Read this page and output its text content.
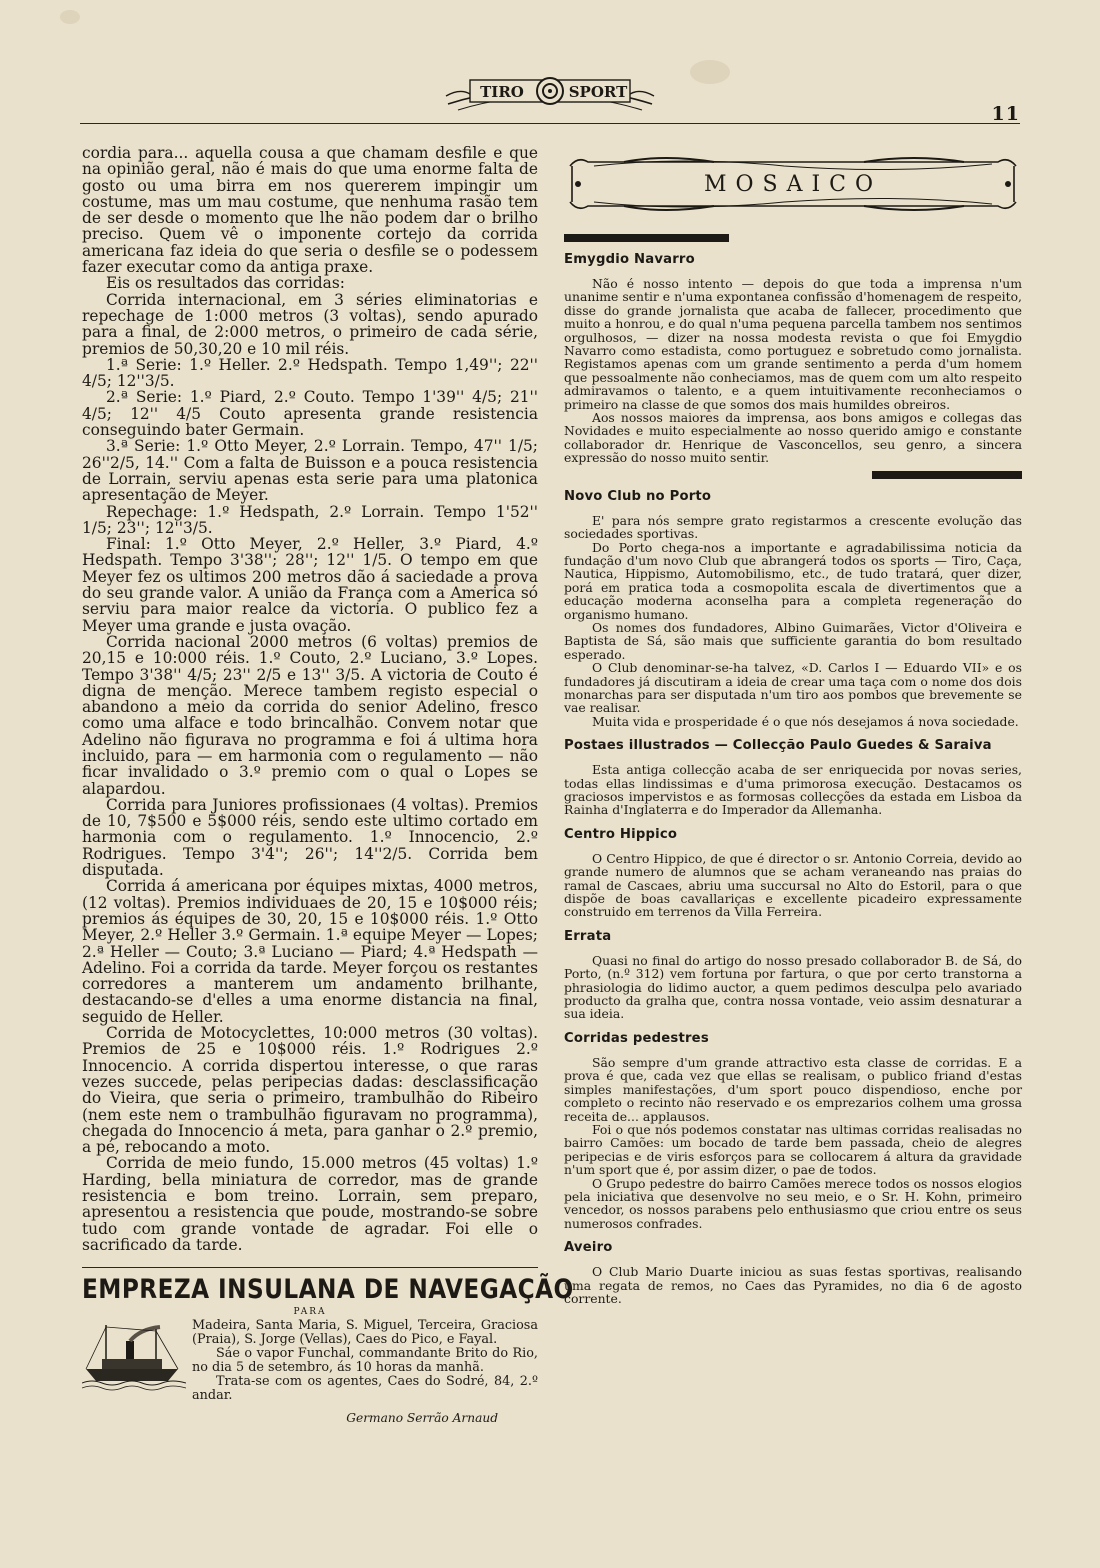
TIRO	SPORT
11

cordia para... aquella cousa a que chamam desfile e que na opinião geral, não é mais do que uma enorme falta de gosto ou uma birra em nos quererem impingir um costume, mas um mau costume, que nenhuma rasão tem de ser desde o momento que lhe não podem dar o brilho preciso. Quem vê o imponente cortejo da corrida americana faz ideia do que seria o desfile se o podessem fazer executar como da antiga praxe.

Eis os resultados das corridas:

Corrida internacional, em 3 séries eliminatorias e repechage de 1:000 metros (3 voltas), sendo apurado para a final, de 2:000 metros, o primeiro de cada série, premios de 50,30,20 e 10 mil réis.

1.ª Serie: 1.º Heller. 2.º Hedspath. Tempo 1,49''; 22'' 4/5; 12''3/5.

2.ª Serie: 1.º Piard, 2.º Couto. Tempo 1'39'' 4/5; 21'' 4/5; 12'' 4/5 Couto apresenta grande resistencia conseguindo bater Germain.

3.ª Serie: 1.º Otto Meyer, 2.º Lorrain. Tempo, 47'' 1/5; 26''2/5, 14.'' Com a falta de Buisson e a pouca resistencia de Lorrain, serviu apenas esta serie para uma platonica apresentação de Meyer.

Repechage: 1.º Hedspath, 2.º Lorrain. Tempo 1'52'' 1/5; 23''; 12''3/5.

Final: 1.º Otto Meyer, 2.º Heller, 3.º Piard, 4.º Hedspath. Tempo 3'38''; 28''; 12'' 1/5. O tempo em que Meyer fez os ultimos 200 metros dão á saciedade a prova do seu grande valor. A união da França com a America só serviu para maior realce da victoria. O publico fez a Meyer uma grande e justa ovação.

Corrida nacional 2000 metros (6 voltas) premios de 20,15 e 10:000 réis. 1.º Couto, 2.º Luciano, 3.º Lopes. Tempo 3'38'' 4/5; 23'' 2/5 e 13'' 3/5. A victoria de Couto é digna de menção. Merece tambem registo especial o abandono a meio da corrida do senior Adelino, fresco como uma alface e todo brincalhão. Convem notar que Adelino não figurava no programma e foi á ultima hora incluido, para — em harmonia com o regulamento — não ficar invalidado o 3.º premio com o qual o Lopes se alapardou.

Corrida para Juniores profissionaes (4 voltas). Premios de 10, 7$500 e 5$000 réis, sendo este ultimo cortado em harmonia com o regulamento. 1.º Innocencio, 2.º Rodrigues. Tempo 3'4''; 26''; 14''2/5. Corrida bem disputada.

Corrida á americana por équipes mixtas, 4000 metros, (12 voltas). Premios individuaes de 20, 15 e 10$000 réis; premios ás équipes de 30, 20, 15 e 10$000 réis. 1.º Otto Meyer, 2.º Heller 3.º Germain. 1.ª equipe Meyer — Lopes; 2.ª Heller — Couto; 3.ª Luciano — Piard; 4.ª Hedspath — Adelino. Foi a corrida da tarde. Meyer forçou os restantes corredores a manterem um andamento brilhante, destacando-se d'elles a uma enorme distancia na final, seguido de Heller.

Corrida de Motocyclettes, 10:000 metros (30 voltas). Premios de 25 e 10$000 réis. 1.º Rodrigues 2.º Innocencio. A corrida dispertou interesse, o que raras vezes succede, pelas peripecias dadas: desclassificação do Vieira, que seria o primeiro, trambulhão do Ribeiro (nem este nem o trambulhão figuravam no programma), chegada do Innocencio á meta, para ganhar o 2.º premio, a pé, rebocando a moto.

Corrida de meio fundo, 15.000 metros (45 voltas) 1.º Harding, bella miniatura de corredor, mas de grande resistencia e bom treino. Lorrain, sem preparo, apresentou a resistencia que poude, mostrando-se sobre tudo com grande vontade de agradar. Foi elle o sacrificado da tarde.

EMPREZA INSULANA DE NAVEGAÇÃO
PARA

Madeira, Santa Maria, S. Miguel, Terceira, Graciosa (Praia), S. Jorge (Vellas), Caes do Pico, e Fayal.

Sáe o vapor Funchal, commandante Brito do Rio, no dia 5 de setembro, ás 10 horas da manhã.

Trata-se com os agentes, Caes do Sodré, 84, 2.º andar.

Germano Serrão Arnaud
MOSAICO
Emygdio Navarro

Não é nosso intento — depois do que toda a imprensa n'um unanime sentir e n'uma expontanea confissão d'homenagem de respeito, disse do grande jornalista que acaba de fallecer, procedimento que muito a honrou, e do qual n'uma pequena parcella tambem nos sentimos orgulhosos, — dizer na nossa modesta revista o que foi Emygdio Navarro como estadista, como portuguez e sobretudo como jornalista. Registamos apenas com um grande sentimento a perda d'um homem que pessoalmente não conheciamos, mas de quem com um alto respeito admiravamos o talento, e a quem intuitivamente reconheciamos o primeiro na classe de que somos dos mais humildes obreiros.

Aos nossos maiores da imprensa, aos bons amigos e collegas das Novidades e muito especialmente ao nosso querido amigo e constante collaborador dr. Henrique de Vasconcellos, seu genro, a sincera expressão do nosso muito sentir.

Novo Club no Porto

E' para nós sempre grato registarmos a crescente evolução das sociedades sportivas.

Do Porto chega-nos a importante e agradabilissima noticia da fundação d'um novo Club que abrangerá todos os sports — Tiro, Caça, Nautica, Hippismo, Automobilismo, etc., de tudo tratará, quer dizer, porá em pratica toda a cosmopolita escala de divertimentos que a educação moderna aconselha para a completa regeneração do organismo humano.

Os nomes dos fundadores, Albino Guimarães, Victor d'Oliveira e Baptista de Sá, são mais que sufficiente garantia do bom resultado esperado.

O Club denominar-se-ha talvez, «D. Carlos I — Eduardo VII» e os fundadores já discutiram a ideia de crear uma taça com o nome dos dois monarchas para ser disputada n'um tiro aos pombos que brevemente se vae realisar.

Muita vida e prosperidade é o que nós desejamos á nova sociedade.

Postaes illustrados — Collecção Paulo Guedes & Saraiva

Esta antiga collecção acaba de ser enriquecida por novas series, todas ellas lindissimas e d'uma primorosa execução. Destacamos os graciosos impervistos e as formosas collecções da estada em Lisboa da Rainha d'Inglaterra e do Imperador da Allemanha.

Centro Hippico

O Centro Hippico, de que é director o sr. Antonio Correia, devido ao grande numero de alumnos que se acham veraneando nas praias do ramal de Cascaes, abriu uma succursal no Alto do Estoril, para o que dispõe de boas cavallariças e excellente picadeiro expressamente construido em terrenos da Villa Ferreira.

Errata

Quasi no final do artigo do nosso presado collaborador B. de Sá, do Porto, (n.º 312) vem fortuna por fartura, o que por certo transtorna a phrasiologia do lidimo auctor, a quem pedimos desculpa pelo avariado producto da gralha que, contra nossa vontade, veio assim desnaturar a sua ideia.

Corridas pedestres

São sempre d'um grande attractivo esta classe de corridas. E a prova é que, cada vez que ellas se realisam, o publico friand d'estas simples manifestações, d'um sport pouco dispendioso, enche por completo o recinto não reservado e os emprezarios colhem uma grossa receita de... applausos.

Foi o que nós podemos constatar nas ultimas corridas realisadas no bairro Camões: um bocado de tarde bem passada, cheio de alegres peripecias e de viris esforços para se collocarem á altura da gravidade n'um sport que é, por assim dizer, o pae de todos.

O Grupo pedestre do bairro Camões merece todos os nossos elogios pela iniciativa que desenvolve no seu meio, e o Sr. H. Kohn, primeiro vencedor, os nossos parabens pelo enthusiasmo que criou entre os seus numerosos confrades.

Aveiro

O Club Mario Duarte iniciou as suas festas sportivas, realisando uma regata de remos, no Caes das Pyramides, no dia 6 de agosto corrente.
